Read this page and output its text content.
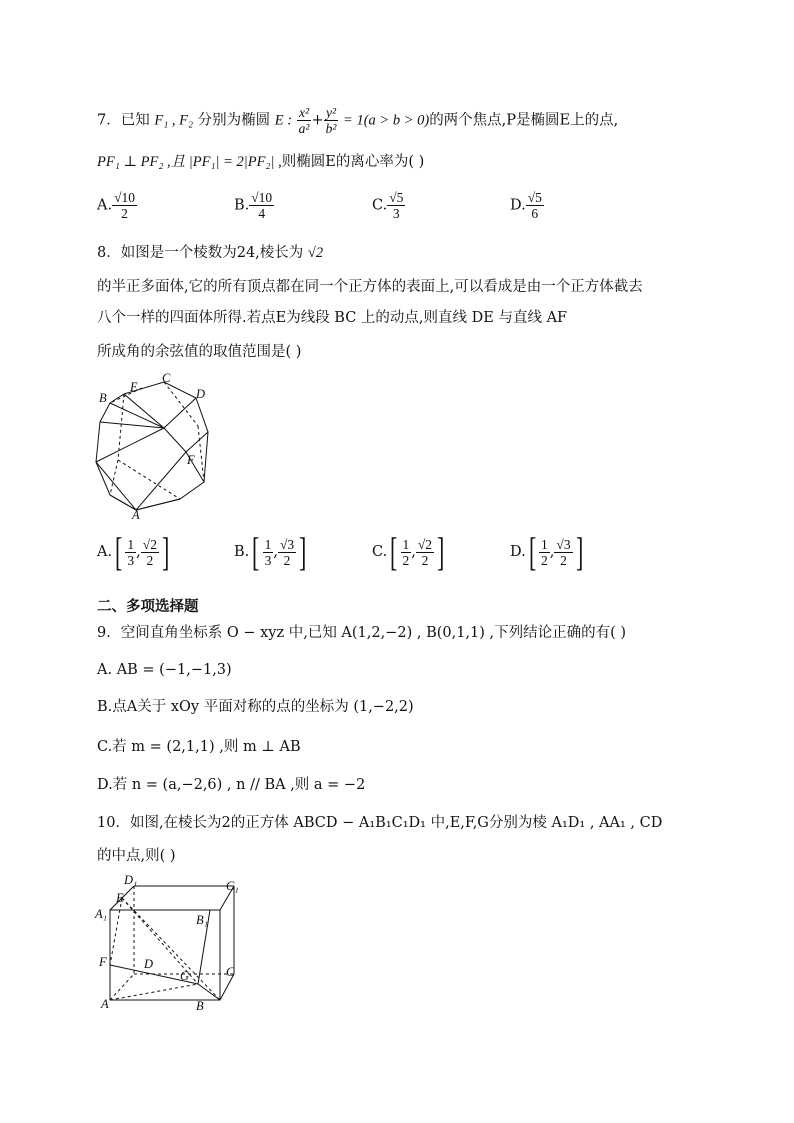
7．已知 F₁ , F₂ 分别为椭圆 E : $\frac{\text{x²}}{\text{a²}} + \frac{\text{y²}}{\text{b²}} = 1(a > b > 0)$的两个焦点,P是椭圆E上的点,
PF₁ ⊥ PF₂ ,且 |PF₁| = 2|PF₂| ,则椭圆E的离心率为( )
A. $\frac{√10}{2}$	B. $\frac{√10}{4}$	C. $\frac{√5}{3}$	D. $\frac{√5}{6}$
8．如图是一个棱数为24,棱长为 √2
的半正多面体,它的所有顶点都在同一个正方体的表面上,可以看成是由一个正方体截去
八个一样的四面体所得.若点E为线段 BC 上的动点,则直线 DE 与直线 AF
所成角的余弦值的取值范围是( )
B
E
C
D
F
A
$A.[ \frac{1}{3}$ , $\frac{√2}{2}$ ]	$B.[ \frac{1}{3}$ , $\frac{√3}{2}$ ]	$C.[ \frac{1}{2}$ , $\frac{√2}{2}$ ]	$D.[ \frac{1}{2}$ , $\frac{√3}{2}$ ]
二、多项选择题
9．空间直角坐标系 O − xyz 中,已知 A(1,2,−2) , B(0,1,1) ,下列结论正确的有( )
A. AB = (−1,−1,3)
B.点A关于 xOy 平面对称的点的坐标为 (1,−2,2)
C.若 m = (2,1,1) ,则 m ⊥ AB
D.若 n = (a,−2,6) , n // BA ,则 a = −2
10．如图,在棱长为2的正方体 ABCD − A₁B₁C₁D₁ 中,E,F,G分别为棱 A₁D₁ , AA₁ , CD
的中点,则( )
D₁	C₁
E
A₁	B₁
F	D
C
G
A	B
